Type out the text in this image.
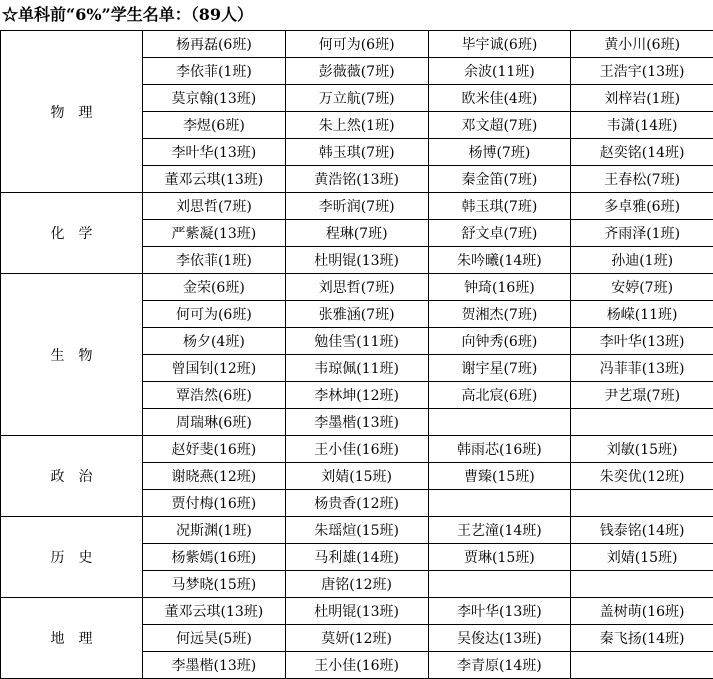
☆单科前“6%”学生名单：（89人）
物理	杨再磊(6班)	何可为(6班)	毕宇诚(6班)	黄小川(6班)
	李依菲(1班)	彭薇薇(7班)	余波(11班)	王浩宇(13班)
	莫京翰(13班)	万立航(7班)	欧米佳(4班)	刘梓岩(1班)
	李煜(6班)	朱上然(1班)	邓文超(7班)	韦潇(14班)
	李叶华(13班)	韩玉琪(7班)	杨博(7班)	赵奕铭(14班)
	董邓云琪(13班)	黄浩铭(13班)	秦金笛(7班)	王春松(7班)
化学	刘思哲(7班)	李昕润(7班)	韩玉琪(7班)	多卓雅(6班)
	严紫凝(13班)	程琳(7班)	舒文卓(7班)	齐雨泽(1班)
	李依菲(1班)	杜明锟(13班)	朱吟曦(14班)	孙迪(1班)
生物	金荣(6班)	刘思哲(7班)	钟琦(16班)	安婷(7班)
	何可为(6班)	张雅涵(7班)	贺湘杰(7班)	杨嵘(11班)
	杨夕(4班)	勉佳雪(11班)	向钟秀(6班)	李叶华(13班)
	曾国钊(12班)	韦琼佩(11班)	谢宇星(7班)	冯菲菲(13班)
	覃浩然(6班)	李林坤(12班)	高北宸(6班)	尹艺璟(7班)
	周瑞琳(6班)	李墨楷(13班)		
政治	赵妤斐(16班)	王小佳(16班)	韩雨芯(16班)	刘敏(15班)
	谢晓燕(12班)	刘婧(15班)	曹臻(15班)	朱奕优(12班)
	贾付梅(16班)	杨贵香(12班)		
历史	况斯渊(1班)	朱瑶煊(15班)	王艺潼(14班)	钱泰铭(14班)
	杨紫嫣(16班)	马利雄(14班)	贾琳(15班)	刘婧(15班)
	马梦晓(15班)	唐铭(12班)		
地理	董邓云琪(13班)	杜明锟(13班)	李叶华(13班)	盖树萌(16班)
	何远昊(5班)	莫妍(12班)	吴俊达(13班)	秦飞扬(14班)
	李墨楷(13班)	王小佳(16班)	李青原(14班)	
